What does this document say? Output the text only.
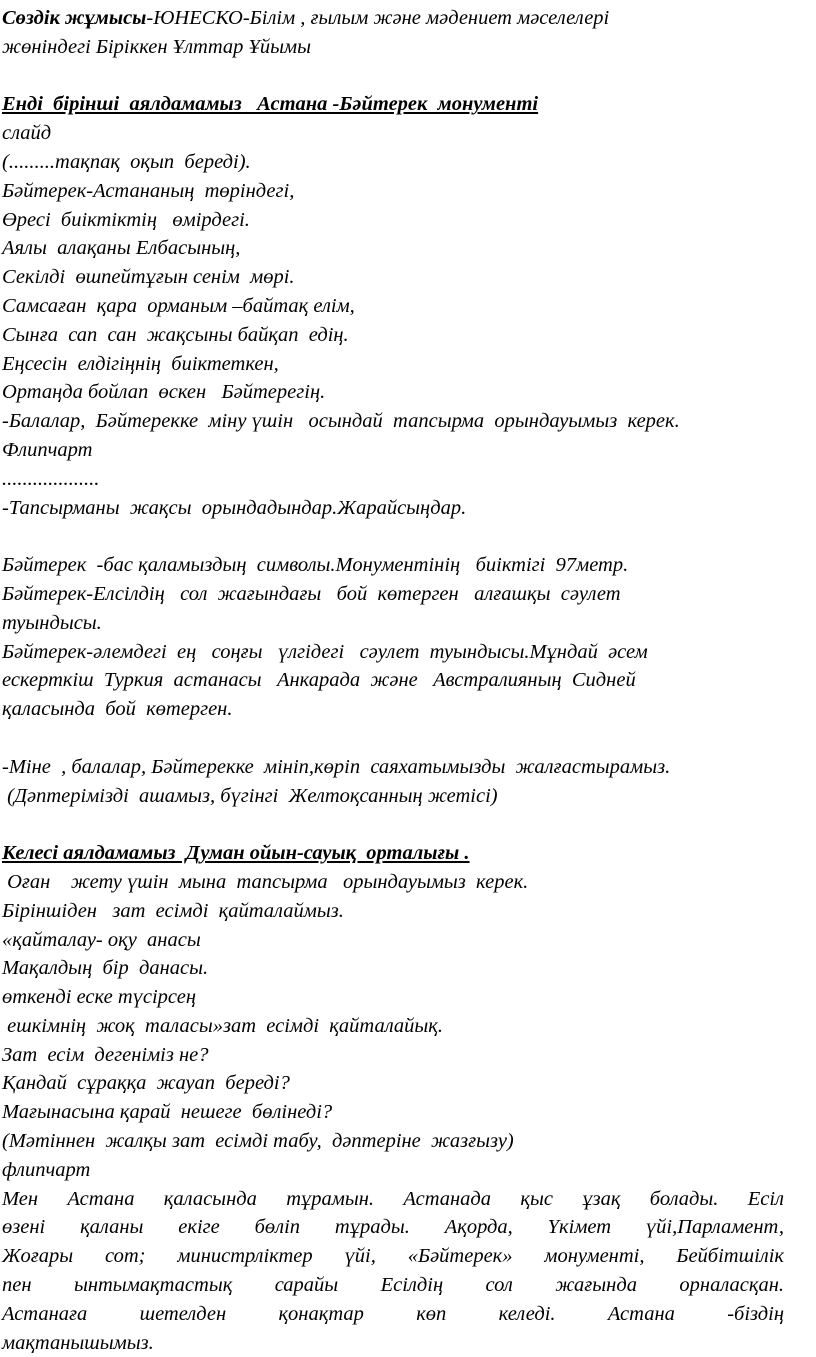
Сөздік жұмысы-ЮНЕСКО-Білім , ғылым және мәдениет мәселелері
жөніндегі Біріккен Ұлттар Ұйымы
Енді  бірінші  аялдамамыз   Астана -Бәйтерек  монументі
слайд
(.........тақпақ  оқып  береді).
Бәйтерек-Астананың  төріндегі,
Өресі  биіктіктің   өмірдегі.
Аялы  алақаны Елбасының,
Секілді  өшпейтұғын сенім  мөрі.
Самсаған  қара  орманым –байтақ елім,
Сынға  сап  сан  жақсыны байқап  едің.
Еңсесін  елдігіңнің  биіктеткен,
Ортаңда бойлап  өскен   Бәйтерегің.
-Балалар,  Бәйтерекке  міну үшін   осындай  тапсырма  орындауымыз  керек.
Флипчарт
...................
-Тапсырманы  жақсы  орындадындар.Жарайсыңдар.
Бәйтерек  -бас қаламыздың  символы.Монументінің   биіктігі  97метр.
Бәйтерек-Елсілдің   сол  жағындағы   бой  көтерген   алғашқы  сәулет
туындысы.
Бәйтерек-әлемдегі  ең   соңғы   үлгідегі   сәулет  туындысы.Мұндай  әсем
ескерткіш  Туркия  астанасы   Анкарада  және   Австралияның  Сидней
қаласында  бой  көтерген.
-Міне  , балалар, Бәйтерекке  мініп,көріп  саяхатымызды  жалғастырамыз.
(Дәптерімізді  ашамыз, бүгінгі  Желтоқсанның жетісі)
Келесі аялдамамыз  Думан ойын-сауық  орталығы .
Оған    жету үшін  мына  тапсырма   орындауымыз  керек.
Біріншіден   зат  есімді  қайталаймыз.
«қайталау- оқу  анасы
Мақалдың  бір  данасы.
өткенді еске түсірсең
ешкімнің  жоқ  таласы»зат  есімді  қайталайық.
Зат  есім  дегеніміз не?
Қандай  сұраққа  жауап  береді?
Мағынасына қарай  нешеге  бөлінеді?
(Мәтіннен  жалқы зат  есімді табу,  дәптеріне  жазғызу)
флипчарт
Мен Астана қаласында тұрамын. Астанада қыс ұзақ болады. Есіл
өзені қаланы екіге бөліп тұрады. Ақорда, Үкімет үйі,Парламент,
Жоғары сот; министрліктер үйі, «Бәйтерек» монументі, Бейбітшілік
пен ынтымақтастық сарайы Есілдің сол жағында орналасқан.
Астанаға шетелден қонақтар көп келеді. Астана -біздің
мақтанышымыз.
